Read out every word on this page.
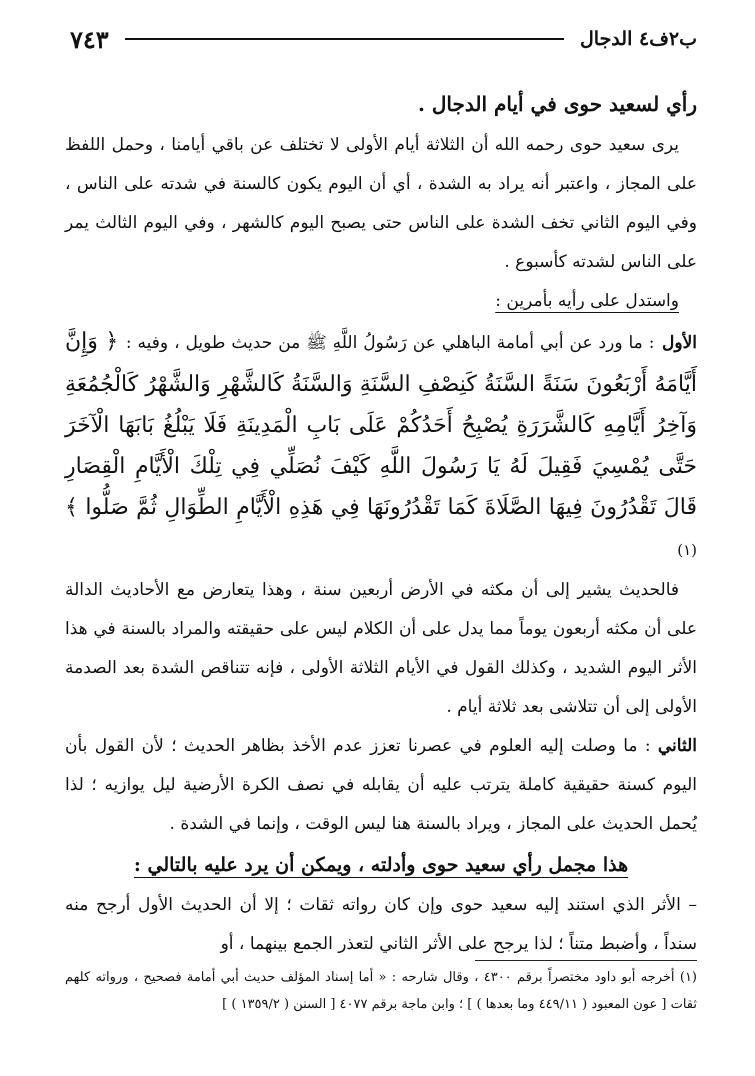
ب٢ف٤ الدجال
٧٤٣

رأي لسعيد حوى في أيام الدجال .

يرى سعيد حوى رحمه الله أن الثلاثة أيام الأولى لا تختلف عن باقي أيامنا ، وحمل اللفظ على المجاز ، واعتبر أنه يراد به الشدة ، أي أن اليوم يكون كالسنة في شدته على الناس ، وفي اليوم الثاني تخف الشدة على الناس حتى يصبح اليوم كالشهر ، وفي اليوم الثالث يمر على الناس لشدته كأسبوع .

واستدل على رأيه بأمرين :

الأول : ما ورد عن أبي أمامة الباهلي عن رَسُولُ اللَّهِ ﷺ من حديث طويل ، وفيه : ﴿ وَإِنَّ أَيَّامَهُ أَرْبَعُونَ سَنَةً السَّنَةُ كَنِصْفِ السَّنَةِ وَالسَّنَةُ كَالشَّهْرِ وَالشَّهْرُ كَالْجُمُعَةِ وَآخِرُ أَيَّامِهِ كَالشَّرَرَةِ يُصْبِحُ أَحَدُكُمْ عَلَى بَابِ الْمَدِينَةِ فَلَا يَبْلُغُ بَابَهَا الْآخَرَ حَتَّى يُمْسِيَ فَقِيلَ لَهُ يَا رَسُولَ اللَّهِ كَيْفَ نُصَلِّي فِي تِلْكَ الْأَيَّامِ الْقِصَارِ قَالَ تَقْدُرُونَ فِيهَا الصَّلَاةَ كَمَا تَقْدُرُونَهَا فِي هَذِهِ الْأَيَّامِ الطِّوَالِ ثُمَّ صَلُّوا ﴾ (١)

فالحديث يشير إلى أن مكثه في الأرض أربعين سنة ، وهذا يتعارض مع الأحاديث الدالة على أن مكثه أربعون يوماً مما يدل على أن الكلام ليس على حقيقته والمراد بالسنة في هذا الأثر اليوم الشديد ، وكذلك القول في الأيام الثلاثة الأولى ، فإنه تتناقص الشدة بعد الصدمة الأولى إلى أن تتلاشى بعد ثلاثة أيام .

الثاني : ما وصلت إليه العلوم في عصرنا تعزز عدم الأخذ بظاهر الحديث ؛ لأن القول بأن اليوم كسنة حقيقية كاملة يترتب عليه أن يقابله في نصف الكرة الأرضية ليل يوازيه ؛ لذا يُحمل الحديث على المجاز ، ويراد بالسنة هنا ليس الوقت ، وإنما في الشدة .

هذا مجمل رأي سعيد حوى وأدلته ، ويمكن أن يرد عليه بالتالي :

– الأثر الذي استند إليه سعيد حوى وإن كان رواته ثقات ؛ إلا أن الحديث الأول أرجح منه سنداً ، وأضبط متناً ؛ لذا يرجح على الأثر الثاني لتعذر الجمع بينهما ، أو

(١) أخرجه أبو داود مختصراً برقم ٤٣٠٠ ، وقال شارحه : « أما إسناد المؤلف حديث أبي أمامة فصحيح ، ورواته كلهم ثقات [ عون المعبود ( ٤٤٩/١١ وما بعدها ) ] ؛ وابن ماجة برقم ٤٠٧٧ [ السنن ( ١٣٥٩/٢ ) ]
